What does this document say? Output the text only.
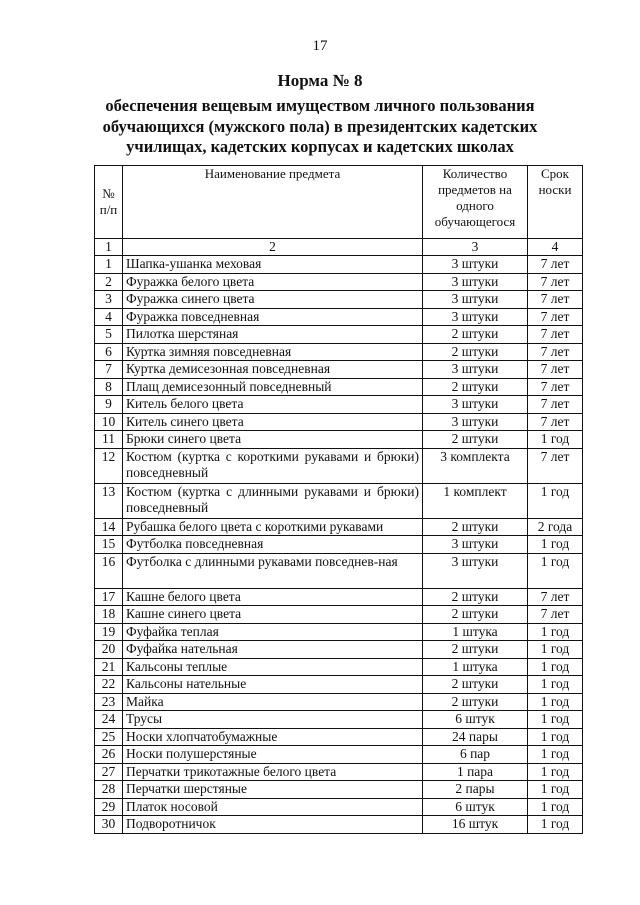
17
Норма № 8
обеспечения вещевым имуществом личного пользования
обучающихся (мужского пола) в президентских кадетских
училищах, кадетских корпусах и кадетских школах
№
п/п	Наименование предмета	Количество предметов на одного обучающегося	Срок носки
1	2	3	4
1	Шапка-ушанка меховая	3 штуки	7 лет
2	Фуражка белого цвета	3 штуки	7 лет
3	Фуражка синего цвета	3 штуки	7 лет
4	Фуражка повседневная	3 штуки	7 лет
5	Пилотка шерстяная	2 штуки	7 лет
6	Куртка зимняя повседневная	2 штуки	7 лет
7	Куртка демисезонная повседневная	3 штуки	7 лет
8	Плащ демисезонный повседневный	2 штуки	7 лет
9	Китель белого цвета	3 штуки	7 лет
10	Китель синего цвета	3 штуки	7 лет
11	Брюки синего цвета	2 штуки	1 год
12	Костюм (куртка с короткими рукавами и брюки) повседневный	3 комплекта	7 лет
13	Костюм (куртка с длинными рукавами и брюки) повседневный	1 комплект	1 год
14	Рубашка белого цвета с короткими рукавами	2 штуки	2 года
15	Футболка повседневная	3 штуки	1 год
16	Футболка с длинными рукавами повседнев-ная	3 штуки	1 год
17	Кашне белого цвета	2 штуки	7 лет
18	Кашне синего цвета	2 штуки	7 лет
19	Фуфайка теплая	1 штука	1 год
20	Фуфайка нательная	2 штуки	1 год
21	Кальсоны теплые	1 штука	1 год
22	Кальсоны нательные	2 штуки	1 год
23	Майка	2 штуки	1 год
24	Трусы	6 штук	1 год
25	Носки хлопчатобумажные	24 пары	1 год
26	Носки полушерстяные	6 пар	1 год
27	Перчатки трикотажные белого цвета	1 пара	1 год
28	Перчатки шерстяные	2 пары	1 год
29	Платок носовой	6 штук	1 год
30	Подворотничок	16 штук	1 год
